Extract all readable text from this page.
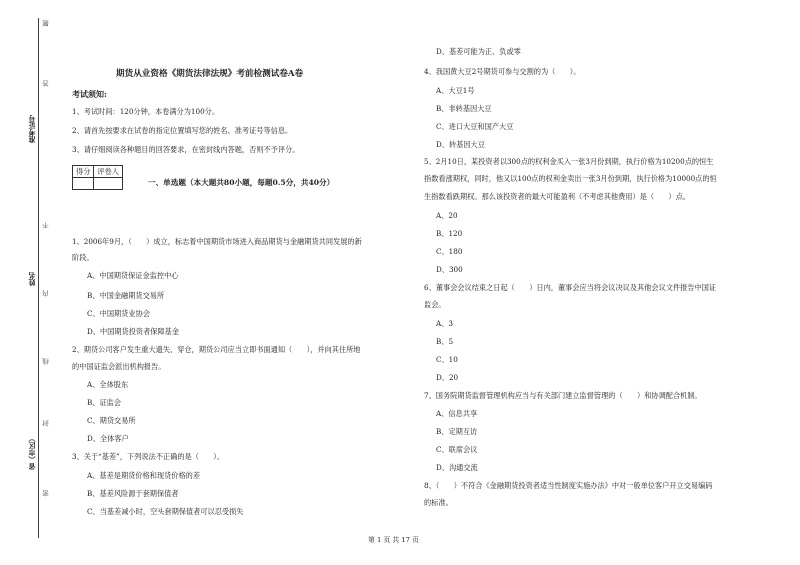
题
答
不
内
线
封
密
准考证号
姓名
省（市区）
期货从业资格《期货法律法规》考前检测试卷A卷
考试须知:
1、考试时间：120分钟，本卷满分为100分。
2、请首先按要求在试卷的指定位置填写您的姓名、准考证号等信息。
3、请仔细阅读各种题目的回答要求，在密封线内答题，否则不予评分。
得分	评卷人

一、单选题（本大题共80小题，每题0.5分，共40分）
1、2006年9月，（　　）成立，标志着中国期货市场进入商品期货与金融期货共同发展的新
阶段。
A、中国期货保证金监控中心
B、中国金融期货交易所
C、中国期货业协会
D、中国期货投资者保障基金
2、期货公司客户发生重大遗失、穿仓，期货公司应当立即书面通知（　　），并向其住所地
的中国证监会派出机构报告。
A、全体股东
B、证监会
C、期货交易所
D、全体客户
3、关于“基差”，下列说法不正确的是（　　）。
A、基差是期货价格和现货价格的差
B、基差风险源于套期保值者
C、当基差减小时，空头套期保值者可以忍受损失
D、基差可能为正、负或零
4、我国黄大豆2号期货可参与交割的为（　　）。
A、大豆1号
B、非转基因大豆
C、进口大豆和国产大豆
D、转基因大豆
5、2月10日，某投资者以300点的权利金买入一张3月份到期，执行价格为10200点的恒生
指数看涨期权，同时，他又以100点的权利金卖出一张3月份到期，执行价格为10000点的恒
生指数看跌期权。那么该投资者的最大可能盈利（不考虑其他费用）是（　　）点。
A、20
B、120
C、180
D、300
6、董事会会议结束之日起（　　）日内，董事会应当将会议决议及其他会议文件报告中国证
监会。
A、3
B、5
C、10
D、20
7、国务院期货监督管理机构应当与有关部门建立监督管理的（　　）和协调配合机制。
A、信息共享
B、定期互访
C、联席会议
D、沟通交流
8、（　　）不符合《金融期货投资者适当性制度实施办法》中对一般单位客户开立交易编码
的标准。
第 1 页 共 17 页
